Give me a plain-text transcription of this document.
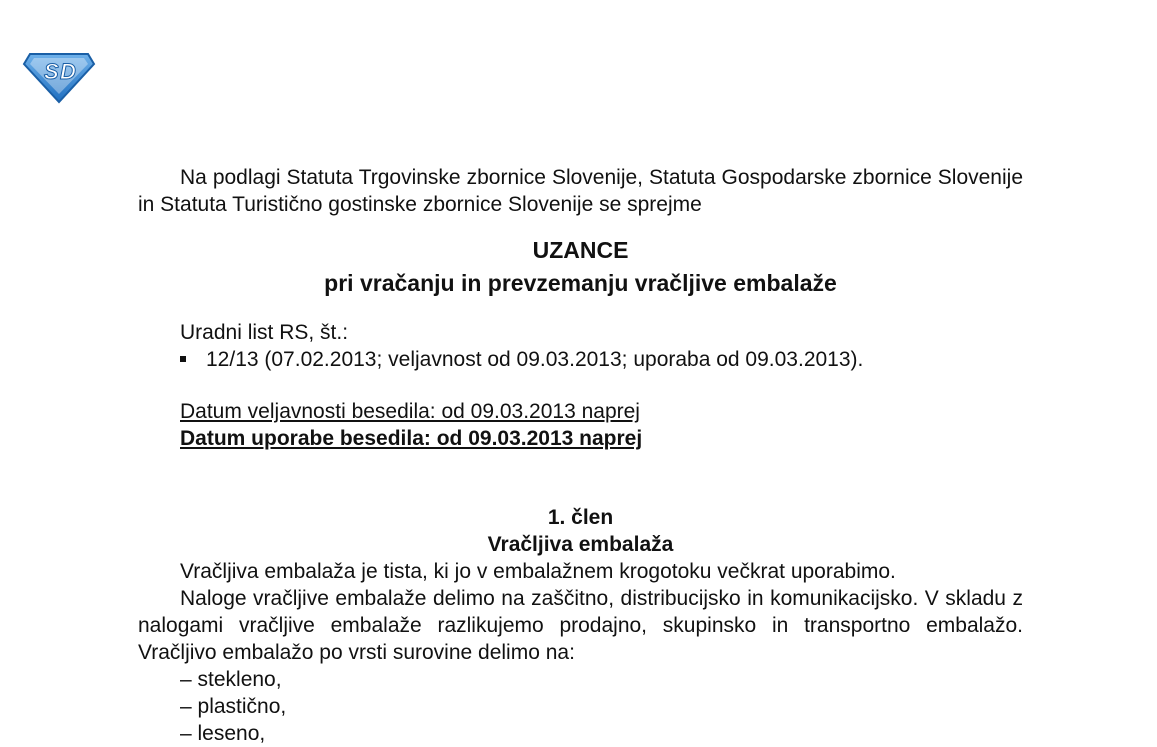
S D

Na podlagi Statuta Trgovinske zbornice Slovenije, Statuta Gospodarske zbornice Slovenije in Statuta Turistično gostinske zbornice Slovenije se sprejme

UZANCE
pri vračanju in prevzemanju vračljive embalaže
Uradni list RS, št.:
12/13 (07.02.2013; veljavnost od 09.03.2013; uporaba od 09.03.2013).
Datum veljavnosti besedila: od 09.03.2013 naprej
Datum uporabe besedila: od 09.03.2013 naprej
1. člen
Vračljiva embalaža

Vračljiva embalaža je tista, ki jo v embalažnem krogotoku večkrat uporabimo.

Naloge vračljive embalaže delimo na zaščitno, distribucijsko in komunikacijsko. V skladu z nalogami vračljive embalaže razlikujemo prodajno, skupinsko in transportno embalažo. Vračljivo embalažo po vrsti surovine delimo na:

– stekleno,
– plastično,
– leseno,
